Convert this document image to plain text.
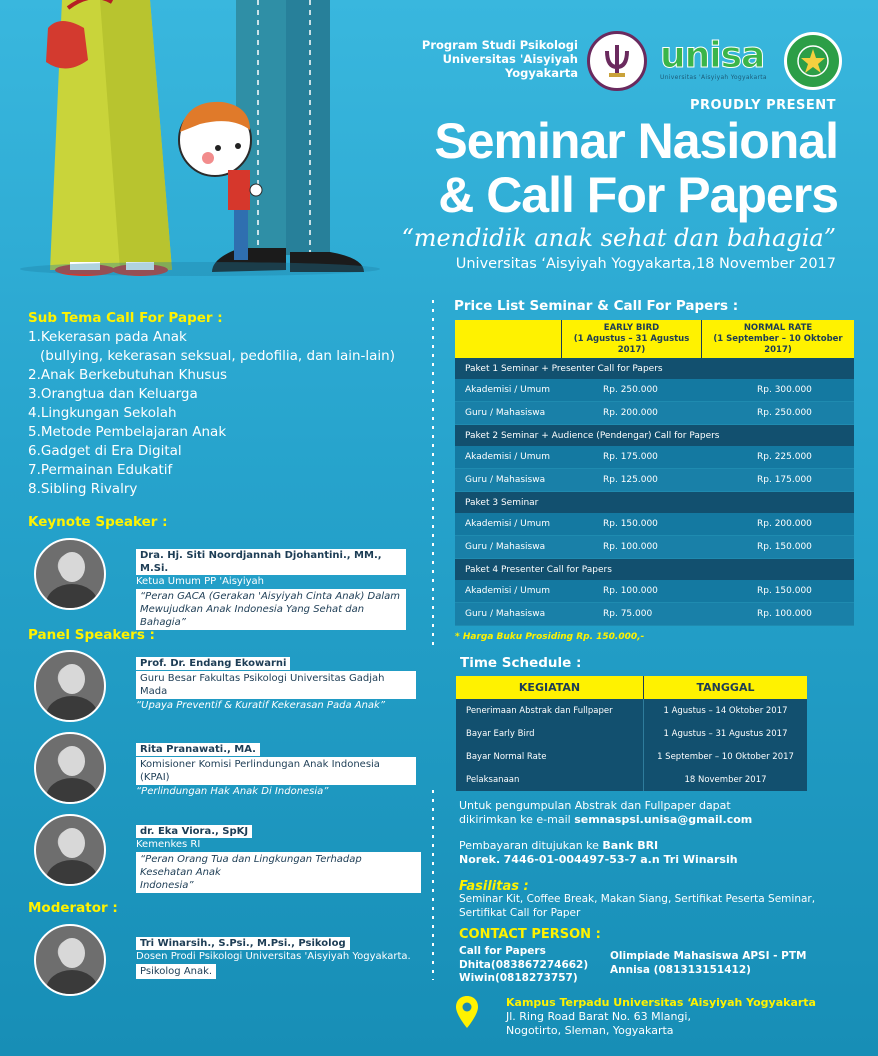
Program Studi Psikologi
Universitas 'Aisyiyah
Yogyakarta unisa
Universitas 'Aisyiyah Yogyakarta
PROUDLY PRESENT
Seminar Nasional
& Call For Papers
“mendidik anak sehat dan bahagia”
Universitas ‘Aisyiyah Yogyakarta,18 November 2017
Sub Tema Call For Paper :
1.Kekerasan pada Anak
(bullying, kekerasan seksual, pedofilia, dan lain-lain)
2.Anak Berkebutuhan Khusus
3.Orangtua dan Keluarga
4.Lingkungan Sekolah
5.Metode Pembelajaran Anak
6.Gadget di Era Digital
7.Permainan Edukatif
8.Sibling Rivalry
Keynote Speaker :
Dra. Hj. Siti Noordjannah Djohantini., MM., M.Si.
Ketua Umum PP 'Aisyiyah
“Peran GACA (Gerakan 'Aisyiyah Cinta Anak) Dalam
Mewujudkan Anak Indonesia Yang Sehat dan Bahagia”
Panel Speakers :
Prof. Dr. Endang Ekowarni Guru Besar Fakultas Psikologi Universitas Gadjah Mada
“Upaya Preventif & Kuratif Kekerasan Pada Anak”
Rita Pranawati., MA. Komisioner Komisi Perlindungan Anak Indonesia (KPAI)
“Perlindungan Hak Anak Di Indonesia”
dr. Eka Viora., SpKJ
Kemenkes RI
“Peran Orang Tua dan Lingkungan Terhadap Kesehatan Anak
Indonesia”
Moderator :
Tri Winarsih., S.Psi., M.Psi., Psikolog
Dosen Prodi Psikologi Universitas 'Aisyiyah Yogyakarta.
Psikolog Anak.
Price List Seminar & Call For Papers :
EARLY BIRD
(1 Agustus – 31 Agustus 2017)
NORMAL RATE
(1 September – 10 Oktober 2017)
Paket 1 Seminar + Presenter Call for Papers
Akademisi / Umum	Rp. 250.000	Rp. 300.000
Guru / Mahasiswa	Rp. 200.000	Rp. 250.000
Paket 2 Seminar + Audience (Pendengar) Call for Papers
Akademisi / Umum	Rp. 175.000	Rp. 225.000
Guru / Mahasiswa	Rp. 125.000	Rp. 175.000
Paket 3 Seminar
Akademisi / Umum	Rp. 150.000	Rp. 200.000
Guru / Mahasiswa	Rp. 100.000	Rp. 150.000
Paket 4 Presenter Call for Papers
Akademisi / Umum	Rp. 100.000	Rp. 150.000
Guru / Mahasiswa	Rp. 75.000	Rp. 100.000
* Harga Buku Prosiding Rp. 150.000,-
Time Schedule :
KEGIATAN	TANGGAL
Penerimaan Abstrak dan Fullpaper	1 Agustus – 14 Oktober 2017
Bayar Early Bird	1 Agustus – 31 Agustus 2017
Bayar Normal Rate	1 September – 10 Oktober 2017
Pelaksanaan	18 November 2017
Untuk pengumpulan Abstrak dan Fullpaper dapat
dikirimkan ke e-mail semnaspsi.unisa@gmail.com
Pembayaran ditujukan ke Bank BRI
Norek. 7446-01-004497-53-7 a.n Tri Winarsih
Fasilitas :
Seminar Kit, Coffee Break, Makan Siang, Sertifikat Peserta Seminar,
Sertifikat Call for Paper
CONTACT PERSON :
Call for Papers
Dhita(083867274662)
Wiwin(0818273757)
Olimpiade Mahasiswa APSI - PTM
Annisa (081313151412)
Kampus Terpadu Universitas ‘Aisyiyah Yogyakarta
Jl. Ring Road Barat No. 63 Mlangi,
Nogotirto, Sleman, Yogyakarta
